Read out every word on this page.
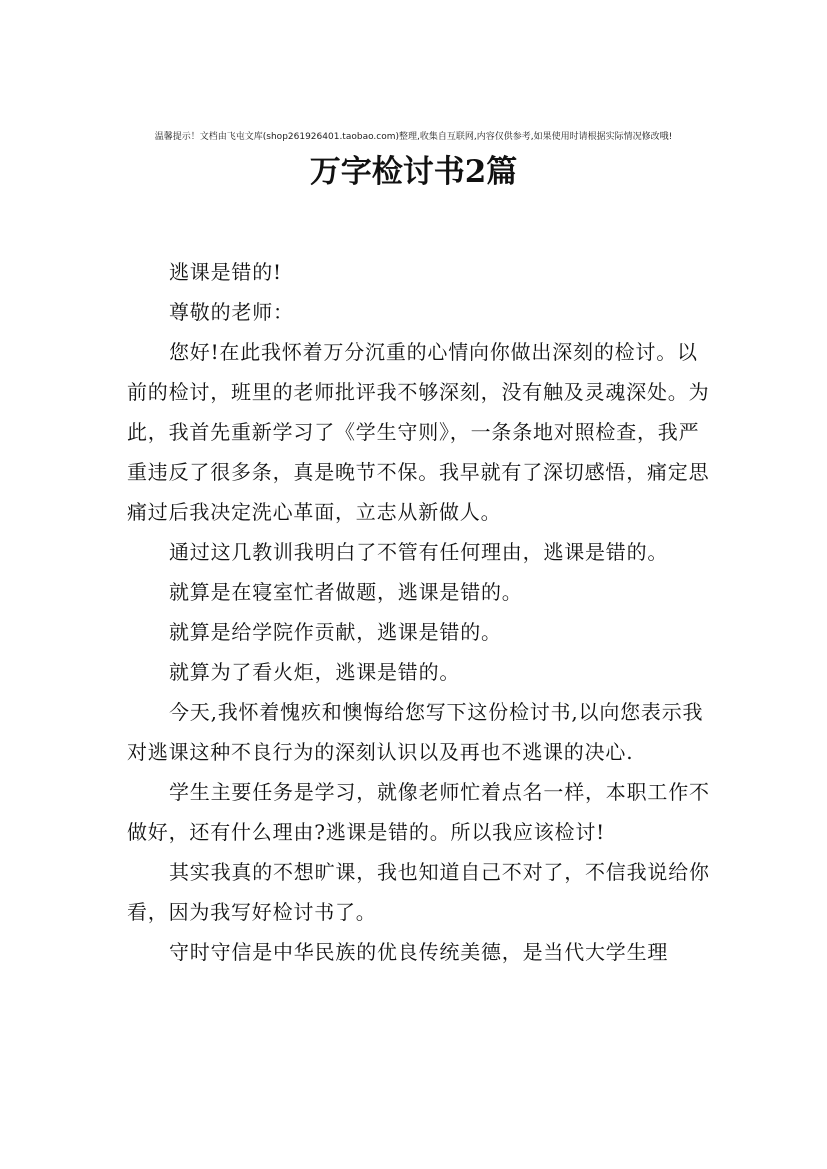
温馨提示！文档由飞屯文库(shop261926401.taobao.com)整理,收集自互联网,内容仅供参考,如果使用时请根据实际情况修改哦!
万字检讨书2篇

逃课是错的!

尊敬的老师：

您好!在此我怀着万分沉重的心情向你做出深刻的检讨。以前的检讨，班里的老师批评我不够深刻，没有触及灵魂深处。为此，我首先重新学习了《学生守则》，一条条地对照检查，我严重违反了很多条，真是晚节不保。我早就有了深切感悟，痛定思痛过后我决定洗心革面，立志从新做人。

通过这几教训我明白了不管有任何理由，逃课是错的。

就算是在寝室忙者做题，逃课是错的。

就算是给学院作贡献，逃课是错的。

就算为了看火炬，逃课是错的。

今天,我怀着愧疚和懊悔给您写下这份检讨书,以向您表示我对逃课这种不良行为的深刻认识以及再也不逃课的决心.

学生主要任务是学习，就像老师忙着点名一样，本职工作不做好，还有什么理由?逃课是错的。所以我应该检讨!

其实我真的不想旷课，我也知道自己不对了，不信我说给你看，因为我写好检讨书了。

守时守信是中华民族的优良传统美德，是当代大学生理
